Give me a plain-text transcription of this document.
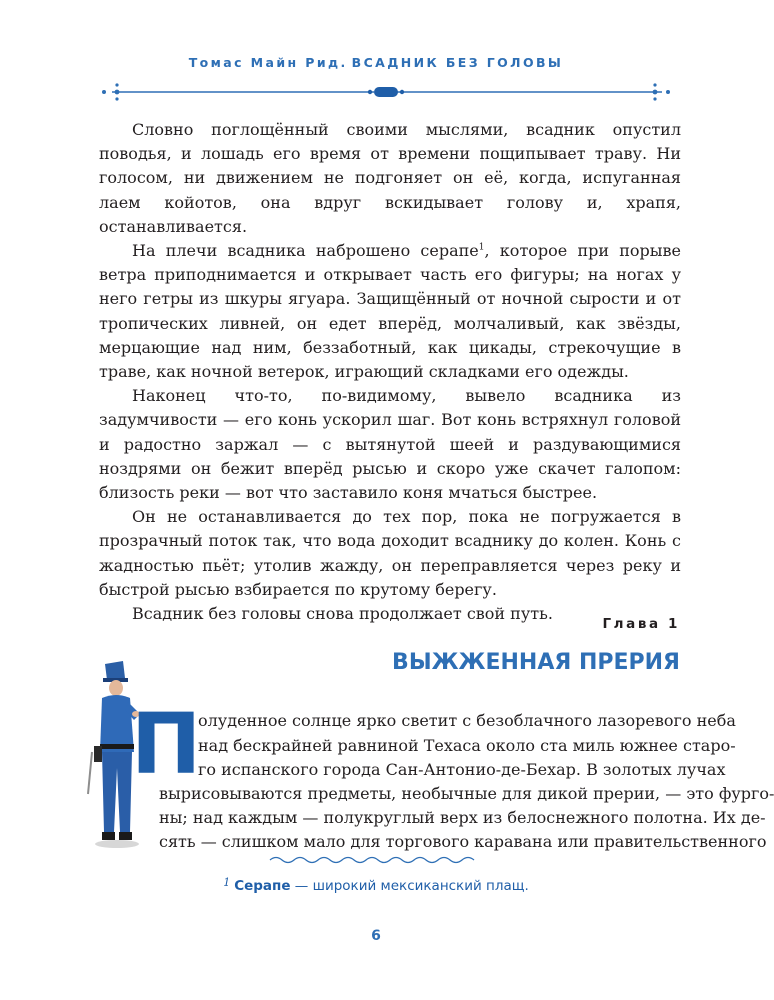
Томас Майн Рид. ВСАДНИК БЕЗ ГОЛОВЫ

Словно поглощённый своими мыслями, всадник опустил поводья, и лошадь его время от времени пощипывает траву. Ни голосом, ни движением не подгоняет он её, когда, испуганная лаем койотов, она вдруг вскидывает голову и, храпя, останавливается.

На плечи всадника наброшено серапе$^1$, которое при порыве ветра приподнимается и открывает часть его фигуры; на ногах у него гетры из шкуры ягуара. Защищённый от ночной сырости и от тропических ливней, он едет вперёд, молчаливый, как звёзды, мерцающие над ним, беззаботный, как цикады, стрекочущие в траве, как ночной ветерок, играющий складками его одежды.

Наконец что-то, по-видимому, вывело всадника из задумчивости — его конь ускорил шаг. Вот конь встряхнул головой и радостно заржал — с вытянутой шеей и раздувающимися ноздрями он бежит вперёд рысью и скоро уже скачет галопом: близость реки — вот что заставило коня мчаться быстрее.

Он не останавливается до тех пор, пока не погружается в прозрачный поток так, что вода доходит всаднику до колен. Конь с жадностью пьёт; утолив жажду, он переправляется через реку и быстрой рысью взбирается по крутому берегу.

Всадник без головы снова продолжает свой путь.

Глава 1
ВЫЖЖЕННАЯ ПРЕРИЯ
П
олуденное солнце ярко светит с безоблачного лазоревого неба
над бескрайней равниной Техаса около ста миль южнее старо-
го испанского города Сан-Антонио-де-Бехар. В золотых лучах
вырисовываются предметы, необычные для дикой прерии, — это фурго-
ны; над каждым — полукруглый верх из белоснежного полотна. Их де-
сять — слишком мало для торгового каравана или правительственного
$^1$ Серапе — широкий мексиканский плащ.
6
